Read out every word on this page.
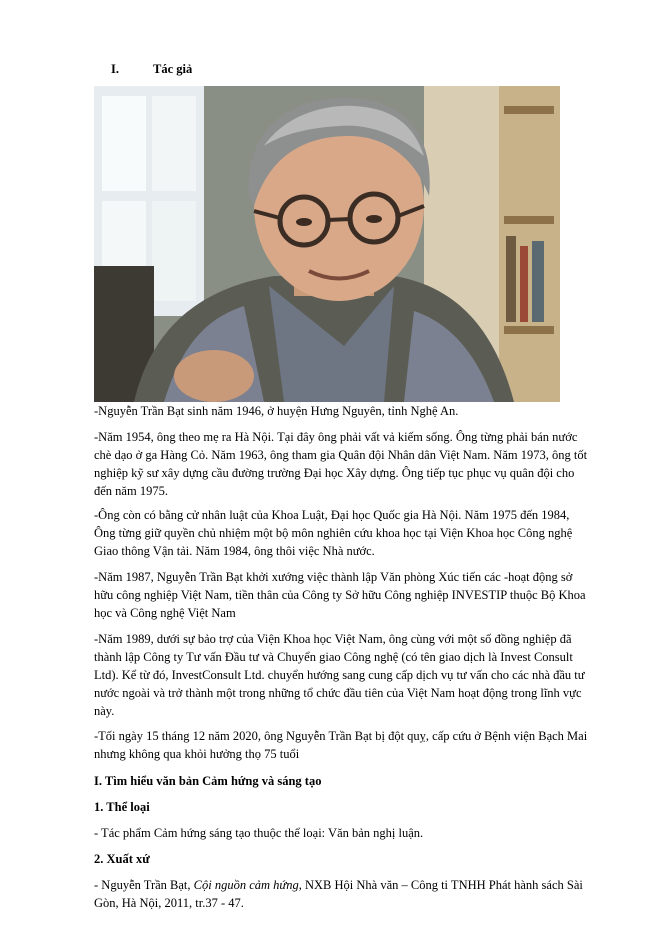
I.	Tác giả

-Nguyễn Trần Bạt sinh năm 1946, ở huyện Hưng Nguyên, tỉnh Nghệ An.

-Năm 1954, ông theo mẹ ra Hà Nội. Tại đây ông phải vất vả kiếm sống. Ông từng phải bán nước chè dạo ở ga Hàng Cỏ. Năm 1963, ông tham gia Quân đội Nhân dân Việt Nam. Năm 1973, ông tốt nghiệp kỹ sư xây dựng cầu đường trường Đại học Xây dựng. Ông tiếp tục phục vụ quân đội cho đến năm 1975.

-Ông còn có bằng cử nhân luật của Khoa Luật, Đại học Quốc gia Hà Nội. Năm 1975 đến 1984, Ông từng giữ quyền chủ nhiệm một bộ môn nghiên cứu khoa học tại Viện Khoa học Công nghệ Giao thông Vận tải. Năm 1984, ông thôi việc Nhà nước.

-Năm 1987, Nguyễn Trần Bạt khởi xướng việc thành lập Văn phòng Xúc tiến các -hoạt động sở hữu công nghiệp Việt Nam, tiền thân của Công ty Sở hữu Công nghiệp INVESTIP thuộc Bộ Khoa học và Công nghệ Việt Nam

-Năm 1989, dưới sự bảo trợ của Viện Khoa học Việt Nam, ông cùng với một số đồng nghiệp đã thành lập Công ty Tư vấn Đầu tư và Chuyển giao Công nghệ (có tên giao dịch là Invest Consult Ltd). Kể từ đó, InvestConsult Ltd. chuyển hướng sang cung cấp dịch vụ tư vấn cho các nhà đầu tư nước ngoài và trở thành một trong những tổ chức đầu tiên của Việt Nam hoạt động trong lĩnh vực này.

-Tối ngày 15 tháng 12 năm 2020, ông Nguyễn Trần Bạt bị đột quỵ, cấp cứu ở Bệnh viện Bạch Mai nhưng không qua khỏi hưởng thọ 75 tuổi

I. Tìm hiểu văn bản Cảm hứng và sáng tạo
1. Thể loại
- Tác phẩm Cảm hứng sáng tạo thuộc thể loại: Văn bản nghị luận.
2. Xuất xứ
- Nguyễn Trần Bạt, Cội nguồn cảm hứng, NXB Hội Nhà văn – Công ti TNHH Phát hành sách Sài Gòn, Hà Nội, 2011, tr.37 - 47.
